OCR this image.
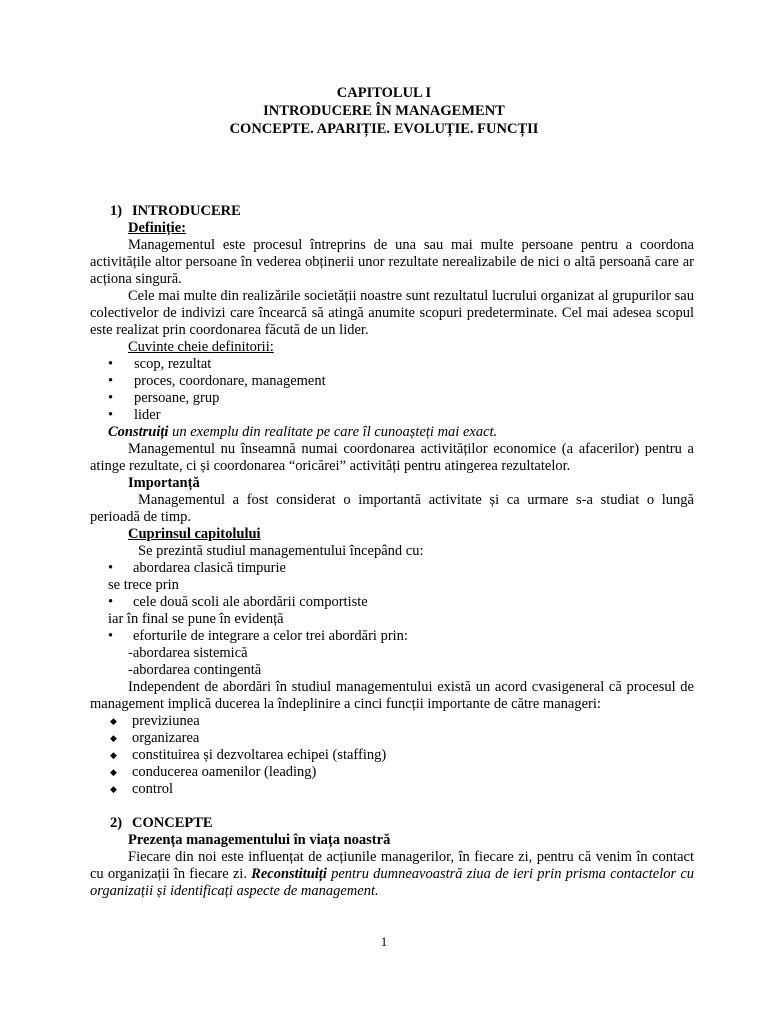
CAPITOLUL I
INTRODUCERE ÎN MANAGEMENT
CONCEPTE. APARIȚIE. EVOLUȚIE. FUNCȚII

1) INTRODUCERE

Definiție:

Managementul este procesul întreprins de una sau mai multe persoane pentru a coordona activitățile altor persoane în vederea obținerii unor rezultate nerealizabile de nici o altă persoană care ar acționa singură.

Cele mai multe din realizările societății noastre sunt rezultatul lucrului organizat al grupurilor sau colectivelor de indivizi care încearcă să atingă anumite scopuri predeterminate. Cel mai adesea scopul este realizat prin coordonarea făcută de un lider.

Cuvinte cheie definitorii:

• scop, rezultat
• proces, coordonare, management
• persoane, grup
• lider

Construiți un exemplu din realitate pe care îl cunoașteți mai exact.

Managementul nu înseamnă numai coordonarea activităților economice (a afacerilor) pentru a atinge rezultate, ci și coordonarea “oricărei” activități pentru atingerea rezultatelor.

Importanță

Managementul a fost considerat o importantă activitate și ca urmare s-a studiat o lungă perioadă de timp.

Cuprinsul capitolului

Se prezintă studiul managementului începând cu:

• abordarea clasică timpurie

se trece prin

• cele două scoli ale abordării comportiste

iar în final se pune în evidență

• eforturile de integrare a celor trei abordări prin:

-abordarea sistemică

-abordarea contingentă

Independent de abordări în studiul managementului există un acord cvasigeneral că procesul de management implică ducerea la îndeplinire a cinci funcții importante de către manageri:

◆ previziunea
◆ organizarea
◆ constituirea și dezvoltarea echipei (staffing)
◆ conducerea oamenilor (leading)
◆ control

2) CONCEPTE

Prezența managementului în viața noastră

Fiecare din noi este influențat de acțiunile managerilor, în fiecare zi, pentru că venim în contact cu organizații în fiecare zi. Reconstituiți pentru dumneavoastră ziua de ieri prin prisma contactelor cu organizații și identificați aspecte de management.

1
